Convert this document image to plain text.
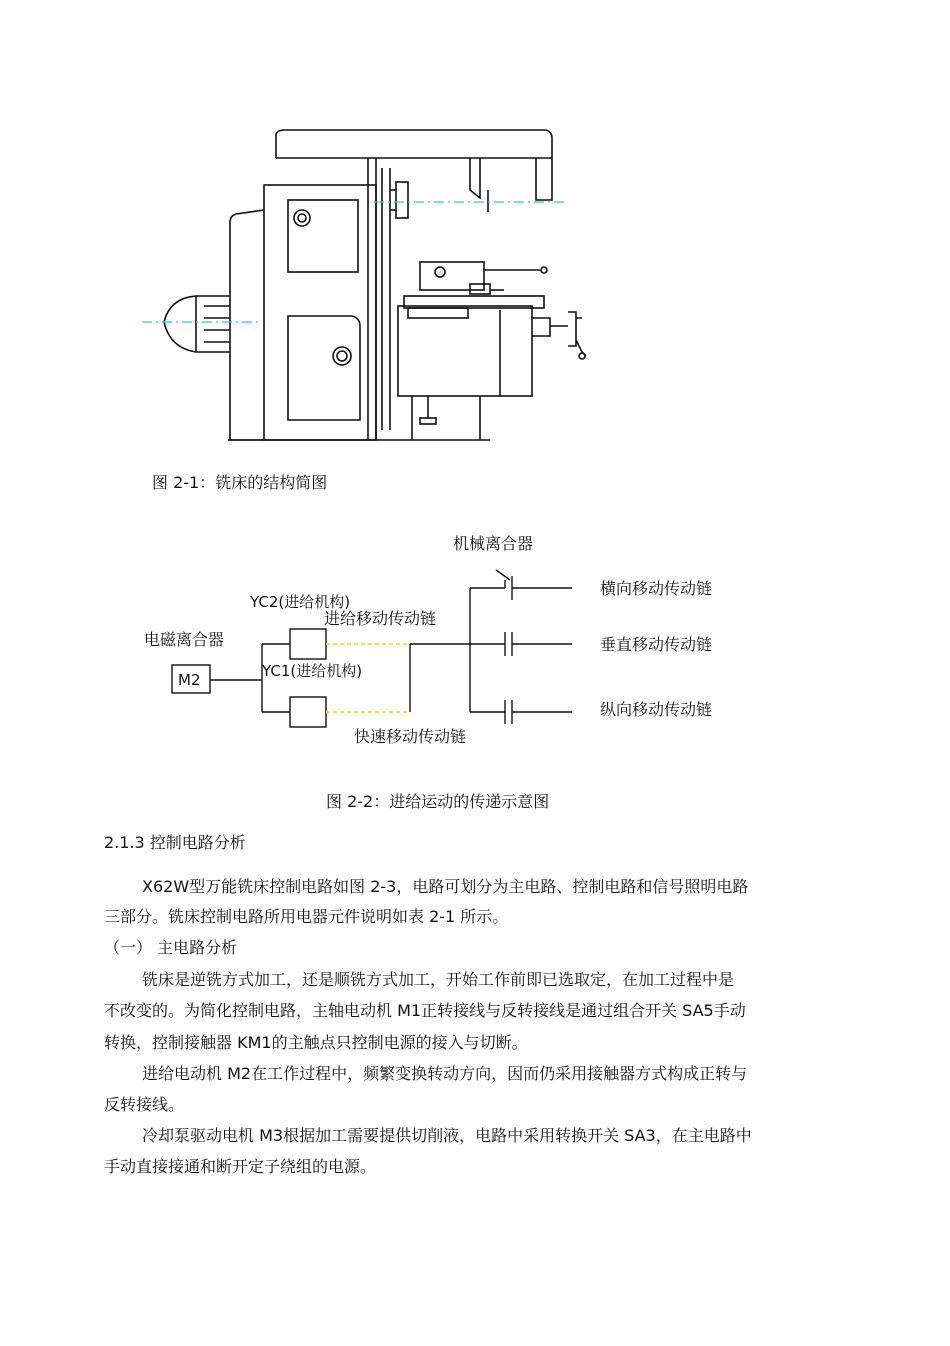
图 2-1：铣床的结构简图
机械离合器
YC2(进给机构)
进给移动传动链
电磁离合器
M2	YC1(进给机构)
快速移动传动链
横向移动传动链
垂直移动传动链
纵向移动传动链
图 2-2：进给运动的传递示意图
2.1.3 控制电路分析
X62W型万能铣床控制电路如图 2-3，电路可划分为主电路、控制电路和信号照明电路
三部分。铣床控制电路所用电器元件说明如表 2-1 所示。
（一） 主电路分析
铣床是逆铣方式加工，还是顺铣方式加工，开始工作前即已选取定，在加工过程中是
不改变的。为简化控制电路，主轴电动机 M1正转接线与反转接线是通过组合开关 SA5手动
转换，控制接触器 KM1的主触点只控制电源的接入与切断。
进给电动机 M2在工作过程中，频繁变换转动方向，因而仍采用接触器方式构成正转与
反转接线。
冷却泵驱动电机 M3根据加工需要提供切削液，电路中采用转换开关 SA3，在主电路中
手动直接接通和断开定子绕组的电源。
